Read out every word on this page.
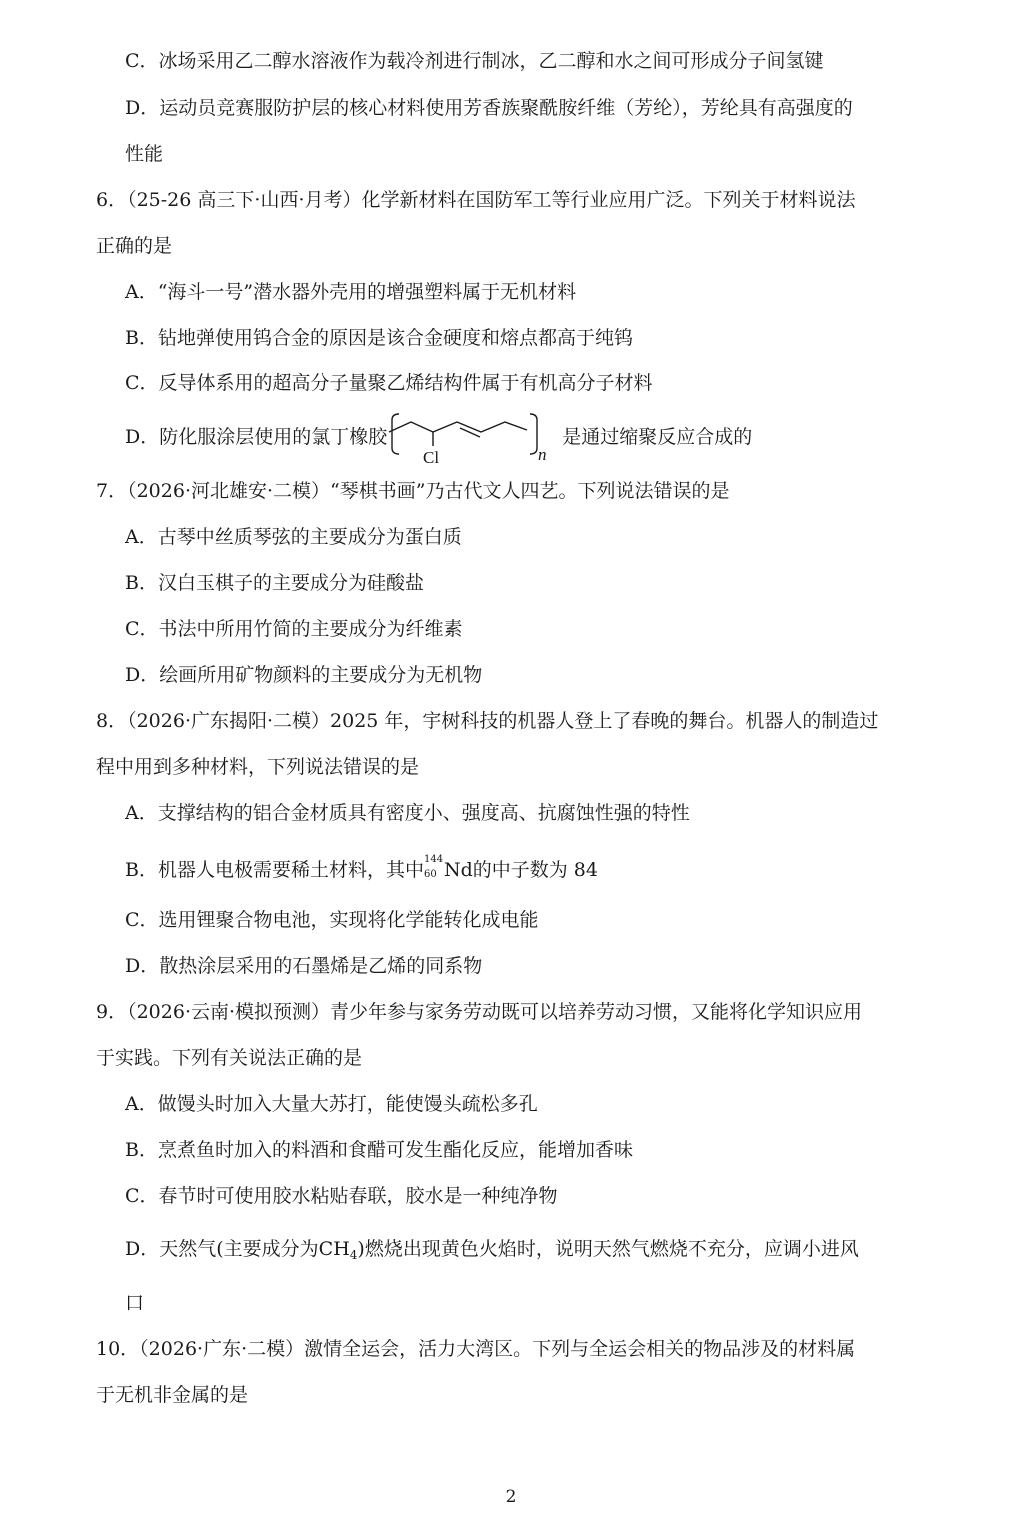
C．冰场采用乙二醇水溶液作为载冷剂进行制冰，乙二醇和水之间可形成分子间氢键
D．运动员竞赛服防护层的核心材料使用芳香族聚酰胺纤维（芳纶），芳纶具有高强度的
性能
6．（25-26 高三下·山西·月考）化学新材料在国防军工等行业应用广泛。下列关于材料说法
正确的是
A．“海斗一号”潜水器外壳用的增强塑料属于无机材料
B．钻地弹使用钨合金的原因是该合金硬度和熔点都高于纯钨
C．反导体系用的超高分子量聚乙烯结构件属于有机高分子材料
D．防化服涂层使用的氯丁橡胶
Cl	n
是通过缩聚反应合成的
7．（2026·河北雄安·二模）“琴棋书画”乃古代文人四艺。下列说法错误的是
A．古琴中丝质琴弦的主要成分为蛋白质
B．汉白玉棋子的主要成分为硅酸盐
C．书法中所用竹简的主要成分为纤维素
D．绘画所用矿物颜料的主要成分为无机物
8．（2026·广东揭阳·二模）2025 年，宇树科技的机器人登上了春晚的舞台。机器人的制造过
程中用到多种材料，下列说法错误的是
A．支撑结构的铝合金材质具有密度小、强度高、抗腐蚀性强的特性
B．机器人电极需要稀土材料，其中 144
60 Nd的中子数为 84
C．选用锂聚合物电池，实现将化学能转化成电能
D．散热涂层采用的石墨烯是乙烯的同系物
9．（2026·云南·模拟预测）青少年参与家务劳动既可以培养劳动习惯，又能将化学知识应用
于实践。下列有关说法正确的是
A．做馒头时加入大量大苏打，能使馒头疏松多孔
B．烹煮鱼时加入的料酒和食醋可发生酯化反应，能增加香味
C．春节时可使用胶水粘贴春联，胶水是一种纯净物
D．天然气(主要成分为$CH_4$)燃烧出现黄色火焰时，说明天然气燃烧不充分，应调小进风
口
10．（2026·广东·二模）激情全运会，活力大湾区。下列与全运会相关的物品涉及的材料属
于无机非金属的是
2
